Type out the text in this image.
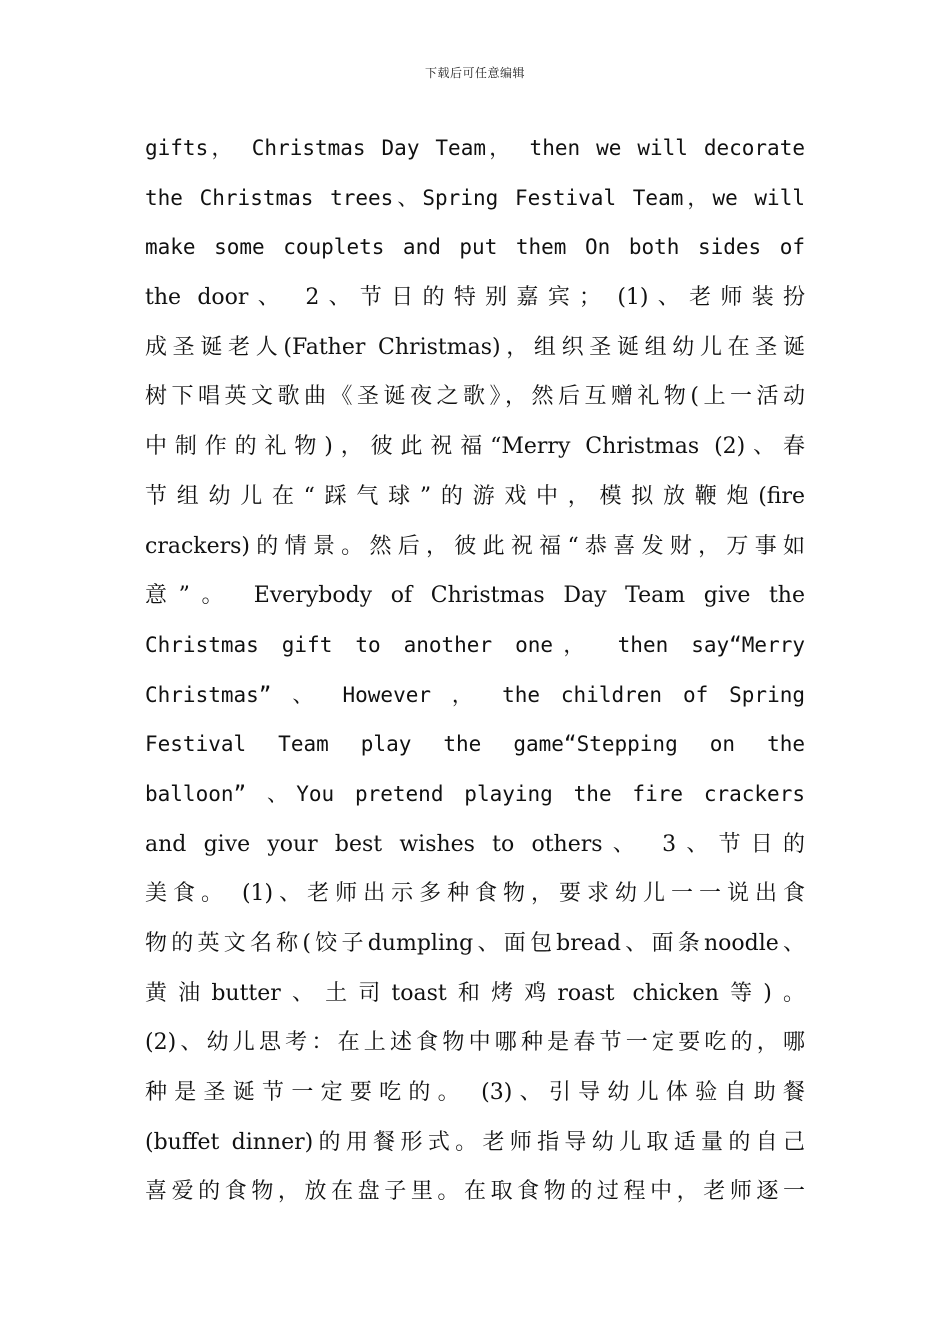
下载后可任意编辑
gifts， Christmas Day Team， then we will decorate
the Christmas trees、Spring Festival Team，we will
make some couplets and put them On both sides of
the door、 2、节日的特别嘉宾； (1)、老师装扮
成圣诞老人(Father Christmas)，组织圣诞组幼儿在圣诞
树下唱英文歌曲《圣诞夜之歌》，然后互赠礼物(上一活动
中制作的礼物)，彼此祝福“Merry Christmas (2)、春
节组幼儿在“踩气球”的游戏中，模拟放鞭炮(fire
crackers)的情景。然后，彼此祝福“恭喜发财，万事如
意”。 Everybody of Christmas Day Team give the
Christmas gift to another one， then say“Merry
Christmas” 、 However ， the children of Spring
Festival Team play the game“Stepping on the
balloon” 、You pretend playing the fire crackers
and give your best wishes to others、 3、节日的
美食。 (1)、老师出示多种食物，要求幼儿一一说出食
物的英文名称(饺子dumpling、面包bread、面条noodle、
黄油butter、土司toast和烤鸡roast chicken等)。
(2)、幼儿思考：在上述食物中哪种是春节一定要吃的，哪
种是圣诞节一定要吃的。 (3)、引导幼儿体验自助餐
(buffet dinner)的用餐形式。老师指导幼儿取适量的自己
喜爱的食物，放在盘子里。在取食物的过程中，老师逐一
